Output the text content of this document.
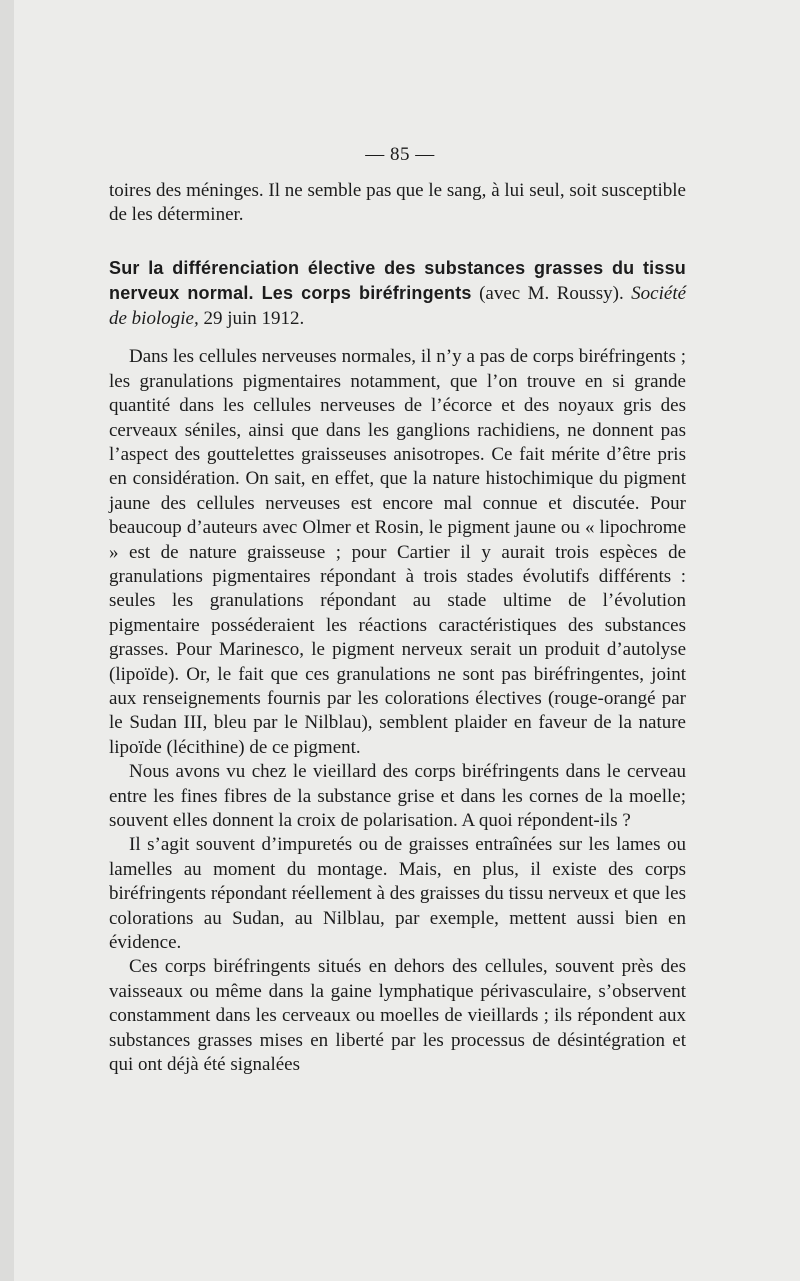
— 85 —

toires des méninges. Il ne semble pas que le sang, à lui seul, soit susceptible de les déterminer.

Sur la différenciation élective des substances grasses du tissu nerveux normal. Les corps biréfringents (avec M. Roussy). Société de biologie, 29 juin 1912.

Dans les cellules nerveuses normales, il n’y a pas de corps biréfringents ; les granulations pigmentaires notamment, que l’on trouve en si grande quantité dans les cellules nerveuses de l’écorce et des noyaux gris des cerveaux séniles, ainsi que dans les ganglions rachidiens, ne donnent pas l’aspect des gouttelettes graisseuses anisotropes. Ce fait mérite d’être pris en considération. On sait, en effet, que la nature histochimique du pigment jaune des cellules nerveuses est encore mal connue et discutée. Pour beaucoup d’auteurs avec Olmer et Rosin, le pigment jaune ou « lipochrome » est de nature graisseuse ; pour Cartier il y aurait trois espèces de granulations pigmentaires répondant à trois stades évolutifs différents : seules les granulations répondant au stade ultime de l’évolution pigmentaire posséderaient les réactions caractéristiques des substances grasses. Pour Marinesco, le pigment nerveux serait un produit d’autolyse (lipoïde). Or, le fait que ces granulations ne sont pas biréfringentes, joint aux renseignements fournis par les colorations électives (rouge-orangé par le Sudan III, bleu par le Nilblau), semblent plaider en faveur de la nature lipoïde (lécithine) de ce pigment.

Nous avons vu chez le vieillard des corps biréfringents dans le cerveau entre les fines fibres de la substance grise et dans les cornes de la moelle; souvent elles donnent la croix de polarisation. A quoi répondent-ils ?

Il s’agit souvent d’impuretés ou de graisses entraînées sur les lames ou lamelles au moment du montage. Mais, en plus, il existe des corps biréfringents répondant réellement à des graisses du tissu nerveux et que les colorations au Sudan, au Nilblau, par exemple, mettent aussi bien en évidence.

Ces corps biréfringents situés en dehors des cellules, souvent près des vaisseaux ou même dans la gaine lymphatique périvasculaire, s’observent constamment dans les cerveaux ou moelles de vieillards ; ils répondent aux substances grasses mises en liberté par les processus de désintégration et qui ont déjà été signalées
